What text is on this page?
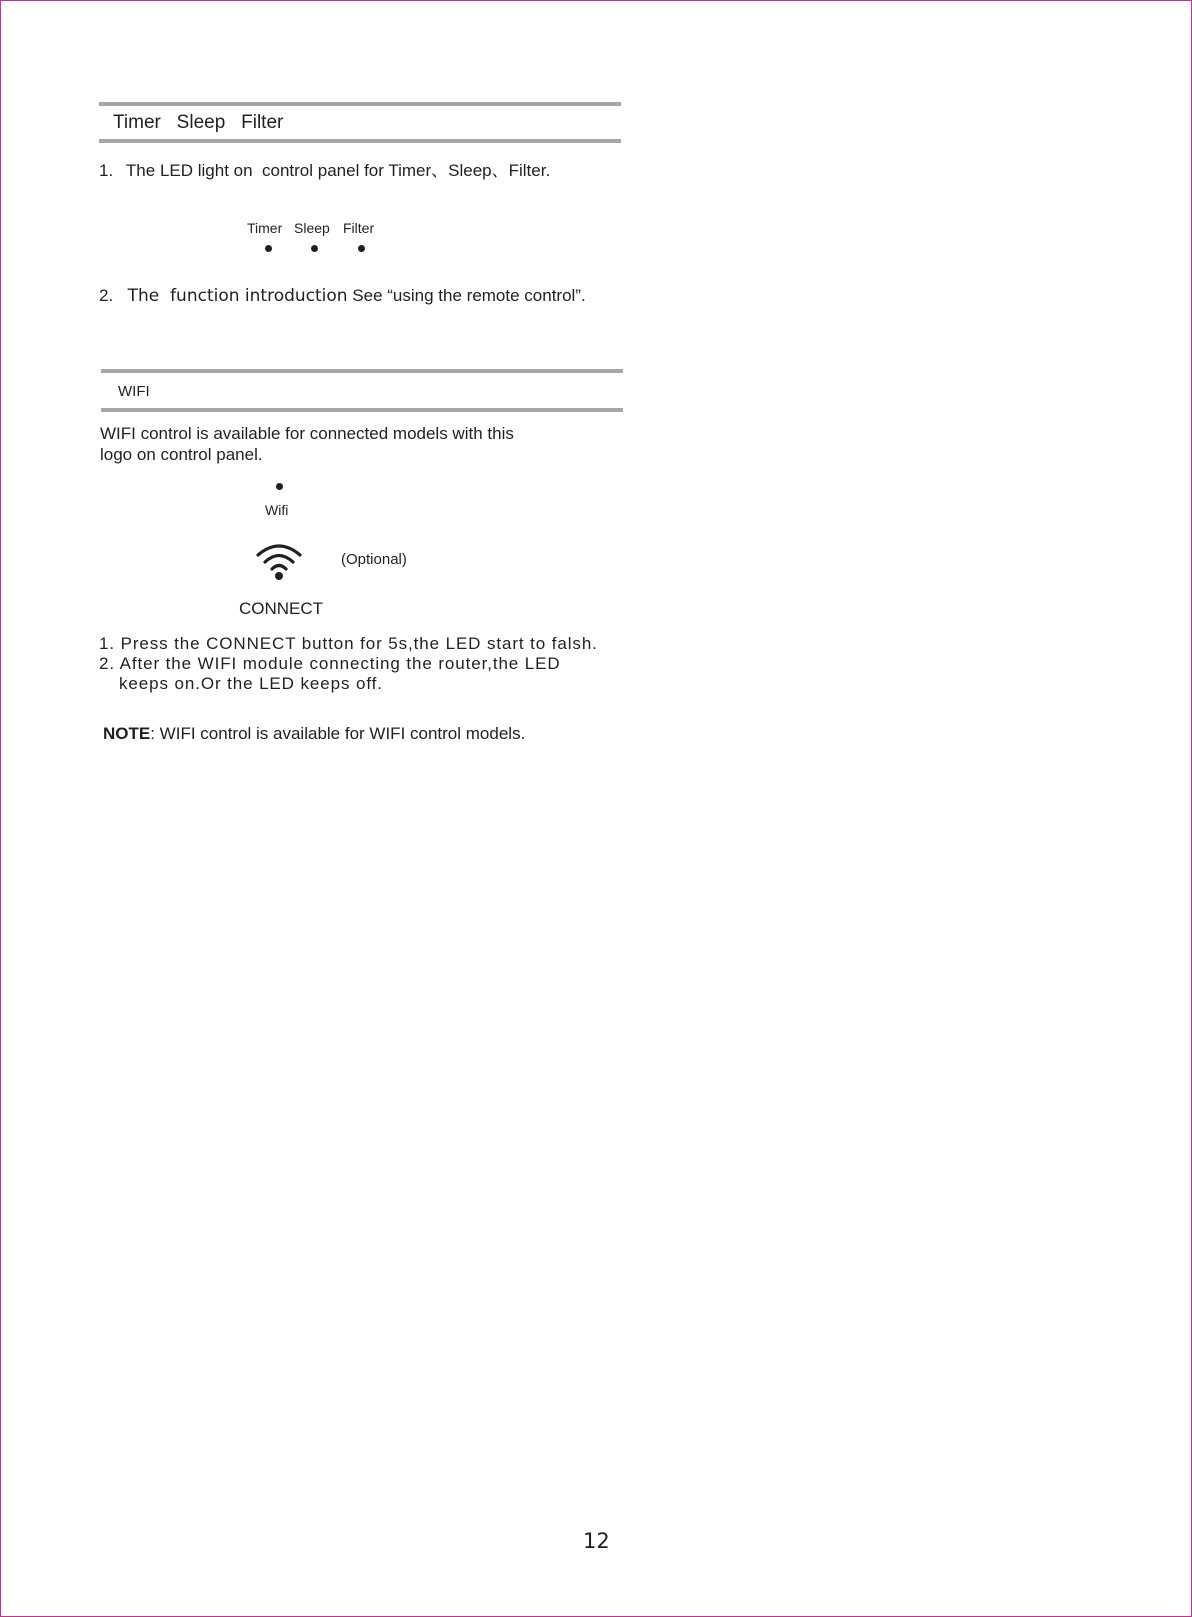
Timer   Sleep   Filter
1. The LED light on  control panel for Timer、Sleep、Filter.
Timer Sleep Filter
2. The  function introduction See “using the remote control”.
WIFI
WIFI control is available for connected models with this
logo on control panel.
Wifi
(Optional)
CONNECT
1. Press the CONNECT button for 5s,the LED start to falsh.
2. After the WIFI module connecting the router,the LED
keeps on.Or the LED keeps off.
NOTE: WIFI control is available for WIFI control models.
12
